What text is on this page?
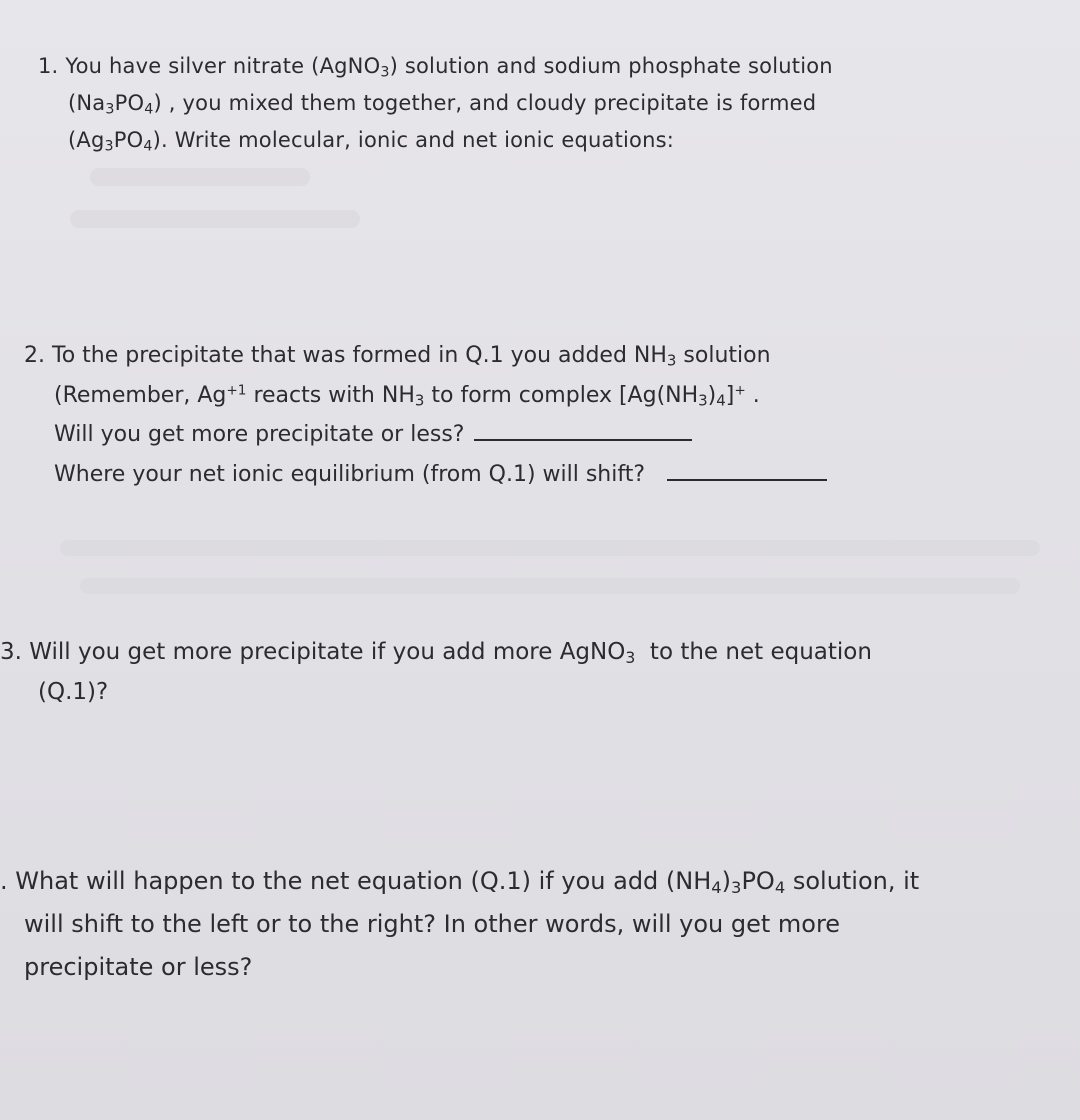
1. You have silver nitrate (AgNO$_3$) solution and sodium phosphate solution
$(Na_3PO_4)$ , you mixed them together, and cloudy precipitate is formed
$(Ag_3PO_4)$. Write molecular, ionic and net ionic equations:

2. To the precipitate that was formed in Q.1 you added $NH_3$ solution
(Remember, $Ag^{+1}$ reacts with $NH_3$ to form complex $[Ag(NH_3)_4]^+$ .
Will you get more precipitate or less?
Where your net ionic equilibrium (from Q.1) will shift?

3. Will you get more precipitate if you add more AgNO$_3$  to the net equation
(Q.1)?

. What will happen to the net equation (Q.1) if you add $(NH_4)_3PO_4$ solution, it
will shift to the left or to the right? In other words, will you get more
precipitate or less?
